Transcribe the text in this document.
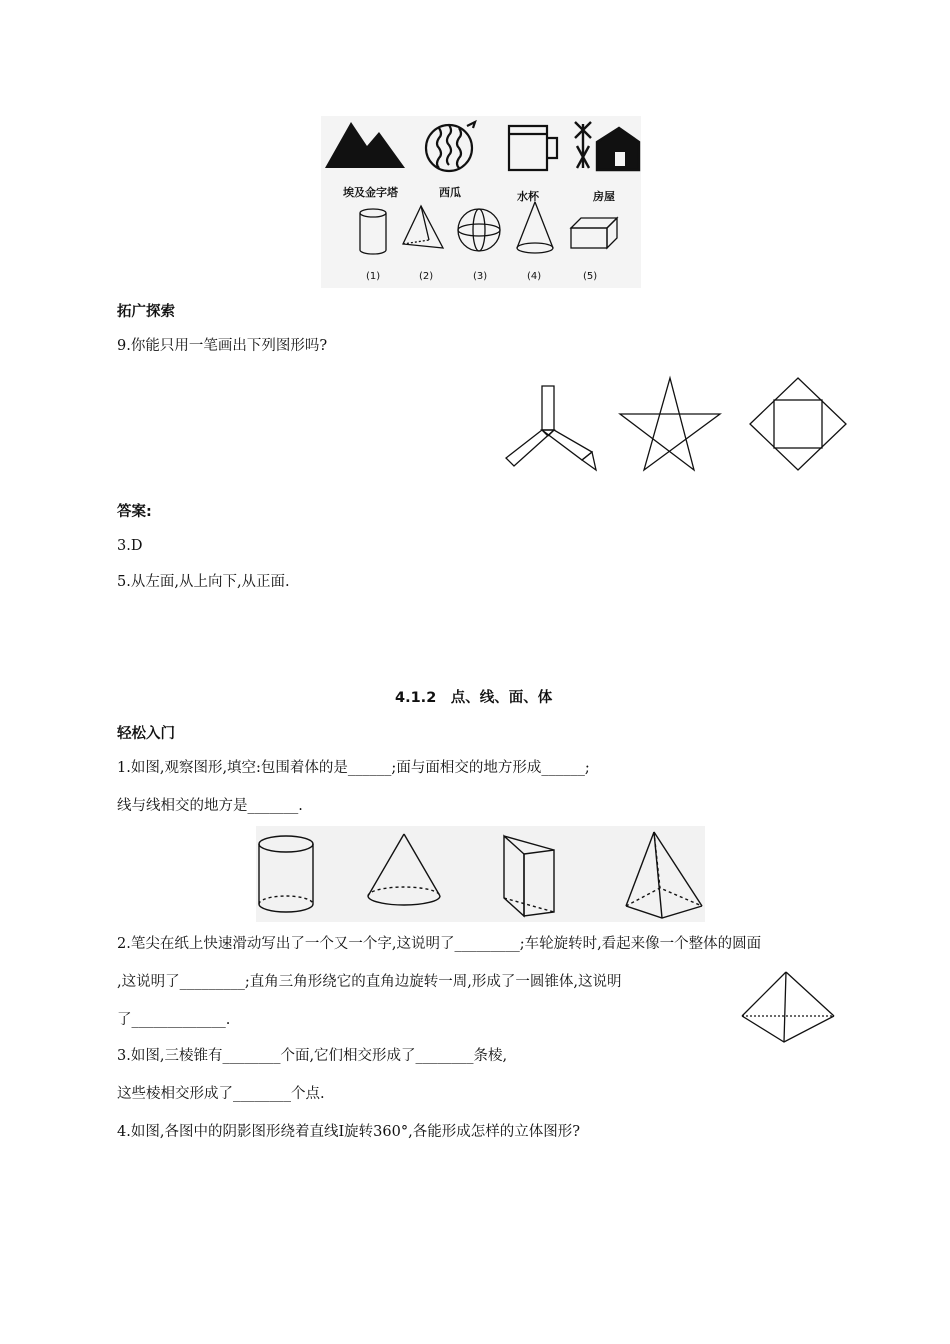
埃及金字塔	西瓜	水杯	房屋
(1)	(2)	(3)	(4)	(5)
拓广探索
9.你能只用一笔画出下列图形吗?
答案:
3.D
5.从左面,从上向下,从正面.
4.1.2　点、线、面、体
轻松入门
1.如图,观察图形,填空:包围着体的是______;面与面相交的地方形成______;
线与线相交的地方是_______.
2.笔尖在纸上快速滑动写出了一个又一个字,这说明了_________;车轮旋转时,看起来像一个整体的圆面
,这说明了_________;直角三角形绕它的直角边旋转一周,形成了一圆锥体,这说明
了_____________.
3.如图,三棱锥有________个面,它们相交形成了________条棱,
这些棱相交形成了________个点.
4.如图,各图中的阴影图形绕着直线I旋转360°,各能形成怎样的立体图形?
